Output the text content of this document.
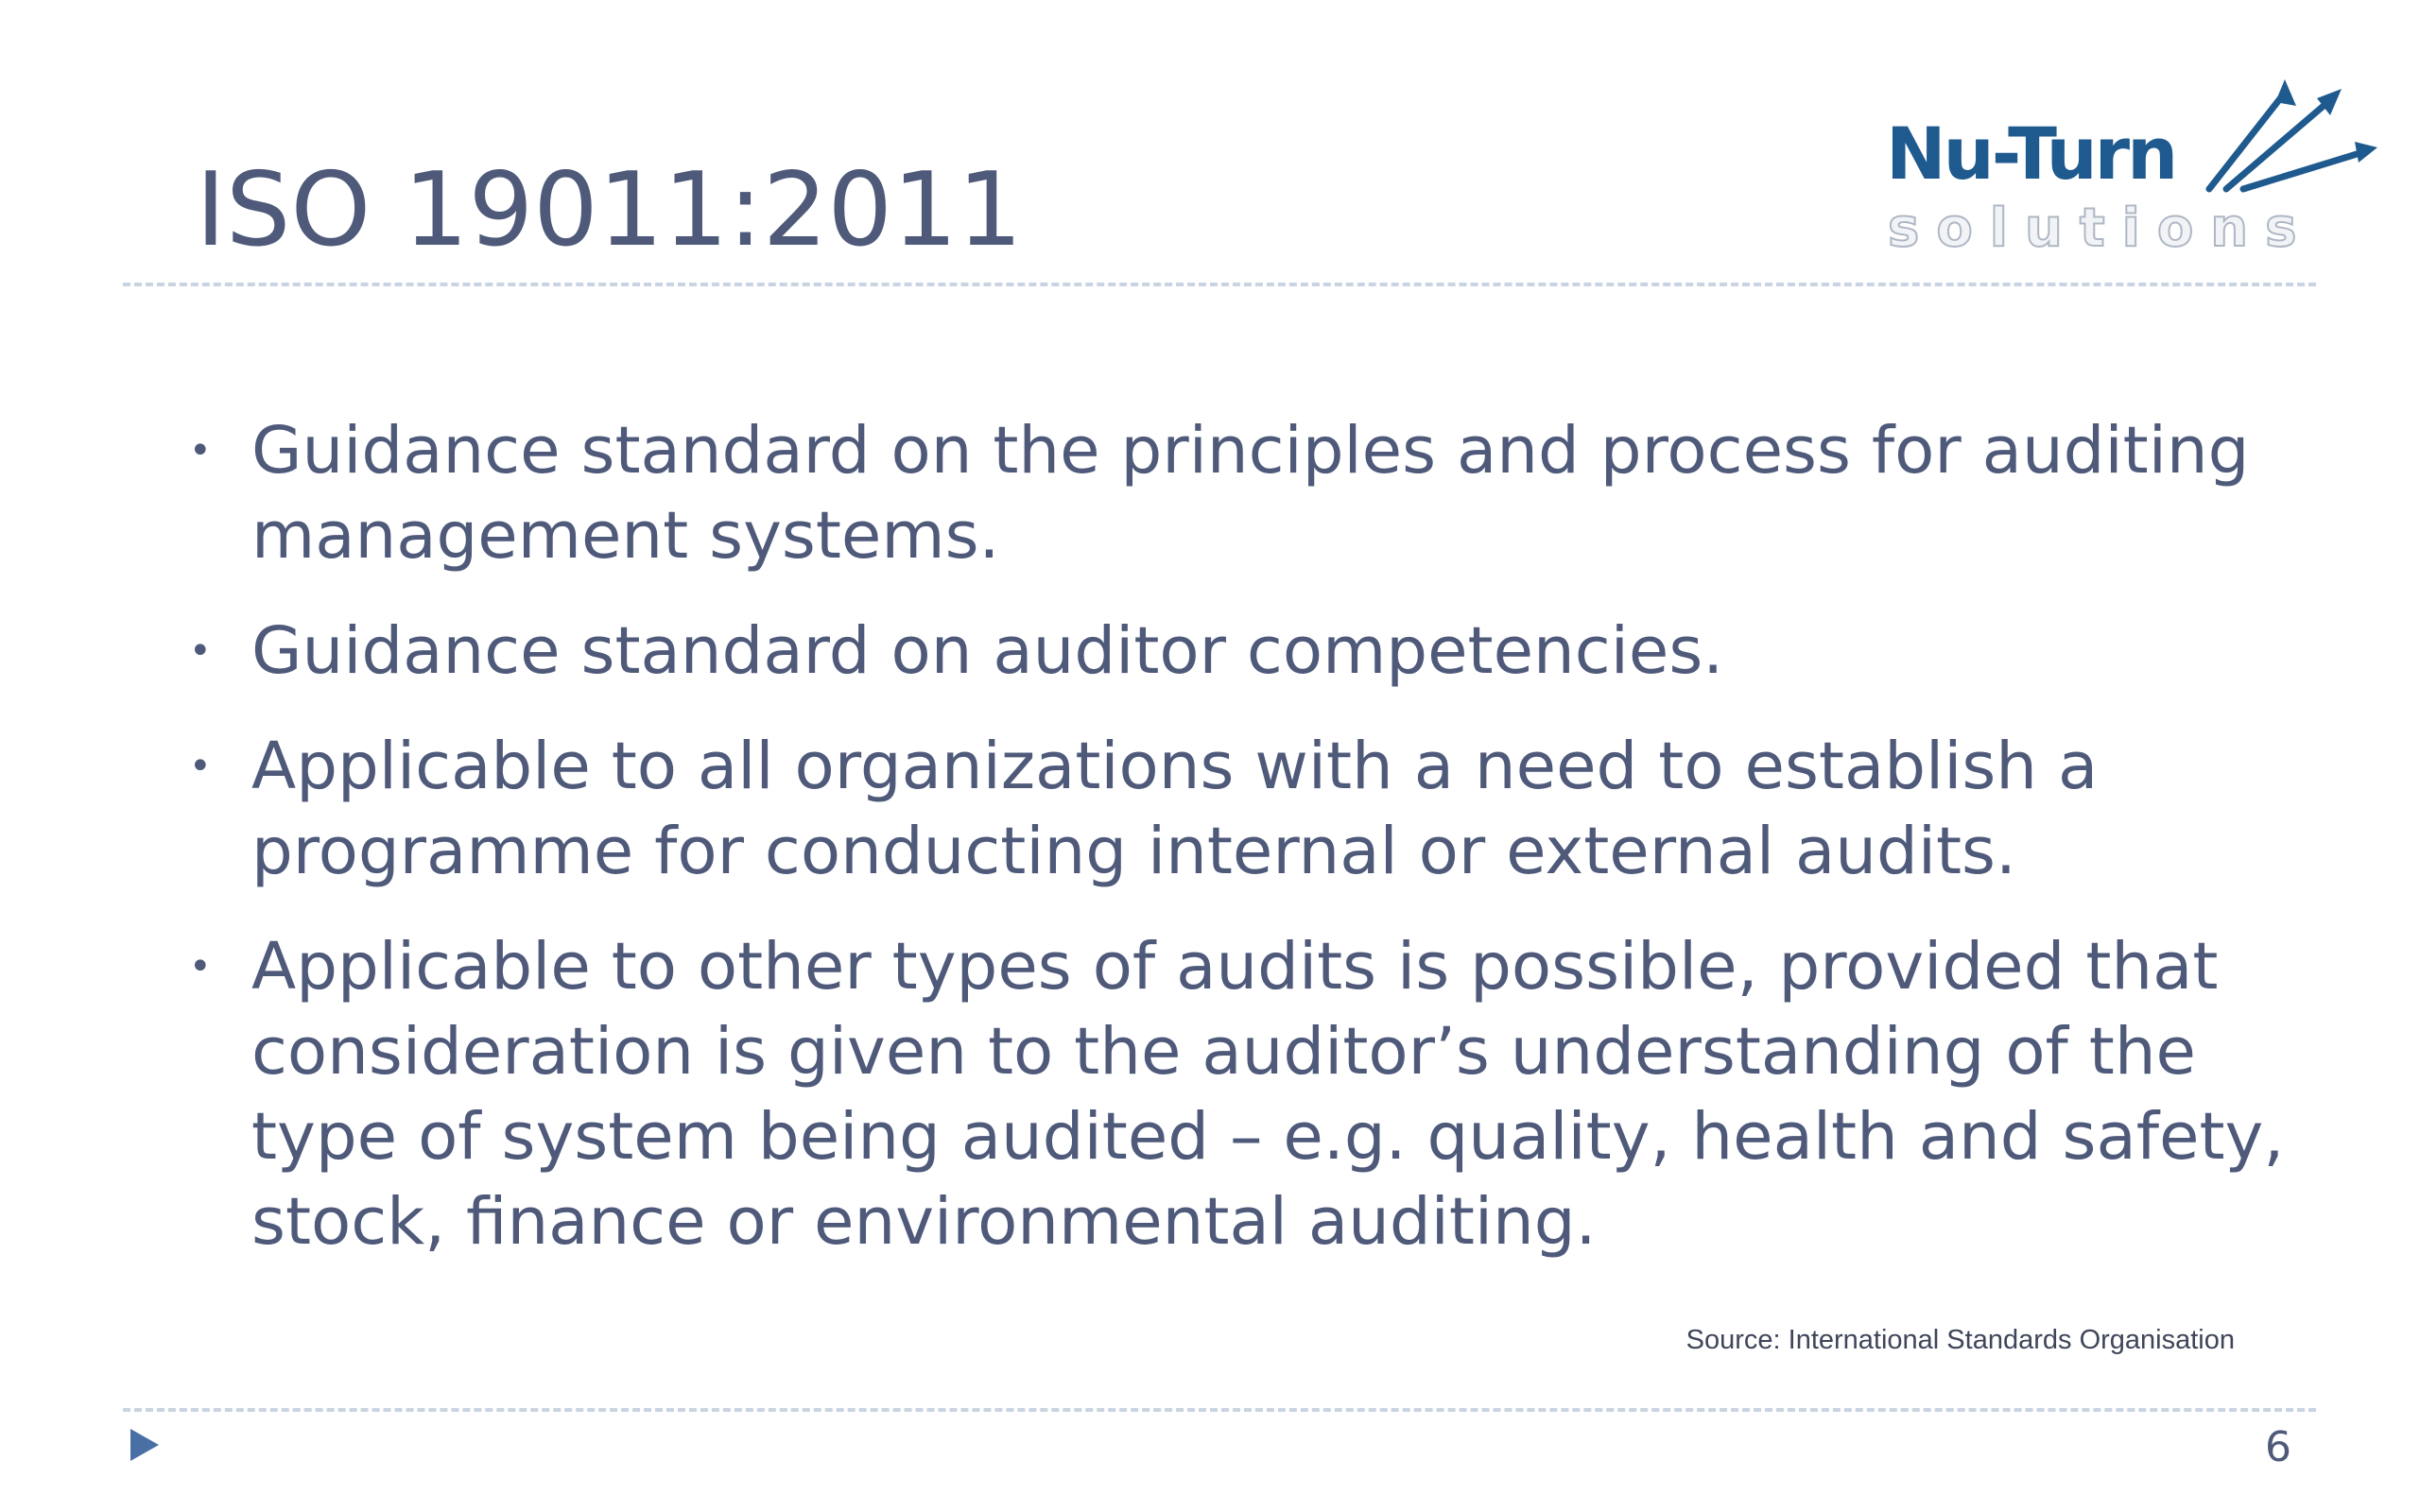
ISO 19011:2011	Nu-Turn
solutions
• Guidance standard on the principles and process for auditing management systems.
• Guidance standard on auditor competencies.
• Applicable to all organizations with a need to establish a programme for conducting internal or external audits.
• Applicable to other types of audits is possible, provided that consideration is given to the auditor’s understanding of the type of system being audited – e.g. quality, health and safety, stock, finance or environmental auditing.
Source: International Standards Organisation
6
